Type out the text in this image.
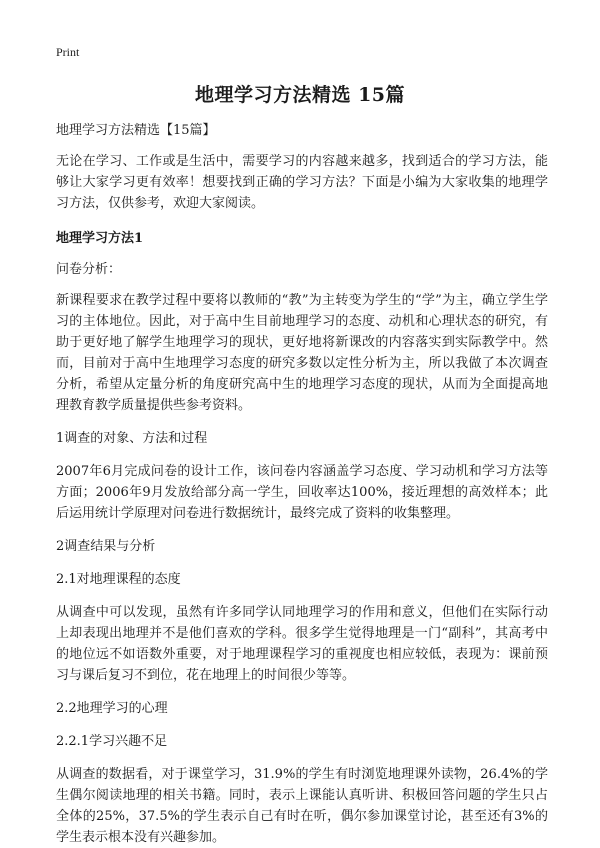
Print
地理学习方法精选 15篇

地理学习方法精选【15篇】

无论在学习、工作或是生活中，需要学习的内容越来越多，找到适合的学习方法，能够让大家学习更有效率！想要找到正确的学习方法？下面是小编为大家收集的地理学习方法，仅供参考，欢迎大家阅读。

地理学习方法1

问卷分析：

新课程要求在教学过程中要将以教师的“教”为主转变为学生的“学”为主，确立学生学习的主体地位。因此，对于高中生目前地理学习的态度、动机和心理状态的研究，有助于更好地了解学生地理学习的现状，更好地将新课改的内容落实到实际教学中。然而，目前对于高中生地理学习态度的研究多数以定性分析为主，所以我做了本次调查分析，希望从定量分析的角度研究高中生的地理学习态度的现状，从而为全面提高地理教育教学质量提供些参考资料。

1调查的对象、方法和过程

2007年6月完成问卷的设计工作，该问卷内容涵盖学习态度、学习动机和学习方法等方面；2006年9月发放给部分高一学生，回收率达100%，接近理想的高效样本；此后运用统计学原理对问卷进行数据统计，最终完成了资料的收集整理。

2调查结果与分析

2.1对地理课程的态度

从调查中可以发现，虽然有许多同学认同地理学习的作用和意义，但他们在实际行动上却表现出地理并不是他们喜欢的学科。很多学生觉得地理是一门“副科”，其高考中的地位远不如语数外重要，对于地理课程学习的重视度也相应较低，表现为：课前预习与课后复习不到位，花在地理上的时间很少等等。

2.2地理学习的心理

2.2.1学习兴趣不足

从调查的数据看，对于课堂学习，31.9%的学生有时浏览地理课外读物，26.4%的学生偶尔阅读地理的相关书籍。同时，表示上课能认真听讲、积极回答问题的学生只占全体的25%，37.5%的学生表示自己有时在听，偶尔参加课堂讨论，甚至还有3%的学生表示根本没有兴趣参加。
